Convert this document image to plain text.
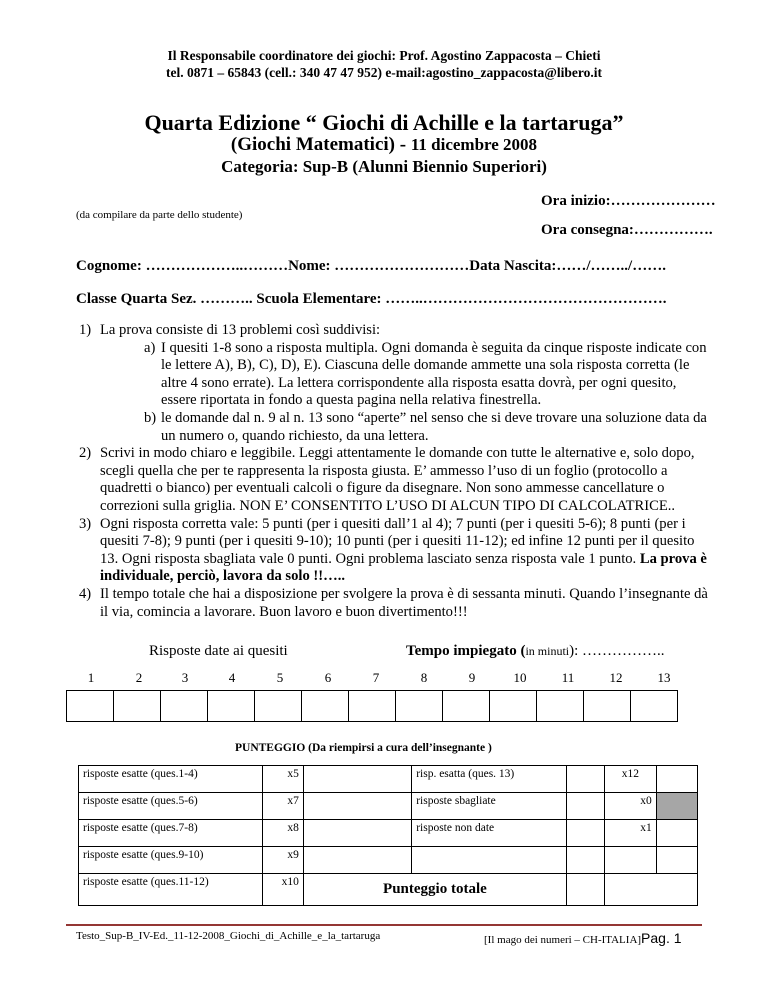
Il Responsabile coordinatore dei giochi: Prof. Agostino Zappacosta – Chieti
tel. 0871 – 65843 (cell.: 340 47 47 952) e-mail:agostino_zappacosta@libero.it
Quarta Edizione “ Giochi di Achille e la tartaruga”
(Giochi Matematici) - 11 dicembre 2008
Categoria: Sup-B (Alunni Biennio Superiori)
Ora inizio:…………………
(da compilare da parte dello studente)
Ora consegna:…………….
Cognome: ………………..………Nome: ………………………Data Nascita:……/……../…….
Classe Quarta Sez. ……….. Scuola Elementare: ……..………………………………………….
1) La prova consiste di 13 problemi così suddivisi:
a) I quesiti 1-8 sono a risposta multipla. Ogni domanda è seguita da cinque risposte indicate con le lettere A), B), C), D), E). Ciascuna delle domande ammette una sola risposta corretta (le altre 4 sono errate). La lettera corrispondente alla risposta esatta dovrà, per ogni quesito, essere riportata in fondo a questa pagina nella relativa finestrella.
b) le domande dal n. 9 al n. 13 sono “aperte” nel senso che si deve trovare una soluzione data da un numero o, quando richiesto, da una lettera.
2) Scrivi in modo chiaro e leggibile. Leggi attentamente le domande con tutte le alternative e, solo dopo, scegli quella che per te rappresenta la risposta giusta. E’ ammesso l’uso di un foglio (protocollo a quadretti o bianco) per eventuali calcoli o figure da disegnare. Non sono ammesse cancellature o correzioni sulla griglia. NON E’ CONSENTITO L’USO DI ALCUN TIPO DI CALCOLATRICE..
3) Ogni risposta corretta vale: 5 punti (per i quesiti dall’1 al 4); 7 punti (per i quesiti 5-6); 8 punti (per i quesiti 7-8); 9 punti (per i quesiti 9-10); 10 punti (per i quesiti 11-12); ed infine 12 punti per il quesito 13. Ogni risposta sbagliata vale 0 punti. Ogni problema lasciato senza risposta vale 1 punto. La prova è individuale, perciò, lavora da solo !!…..
4) Il tempo totale che hai a disposizione per svolgere la prova è di sessanta minuti. Quando l’insegnante dà il via, comincia a lavorare. Buon lavoro e buon divertimento!!!
Risposte date ai quesiti	Tempo impiegato (in minuti): ……………..
1	2	3	4	5	6	7	8	9	10	11	12	13

PUNTEGGIO (Da riempirsi a cura dell’insegnante )
risposte esatte (ques.1-4)	x5		risp. esatta (ques. 13)		x12	
risposte esatte (ques.5-6)	x7		risposte sbagliate		x0	
risposte esatte (ques.7-8)	x8		risposte non date		x1	
risposte esatte (ques.9-10)	x9					
risposte esatte (ques.11-12)	x10	Punteggio totale				
Testo_Sup-B_IV-Ed._11-12-2008_Giochi_di_Achille_e_la_tartaruga	[Il mago dei numeri – CH-ITALIA]Pag. 1
